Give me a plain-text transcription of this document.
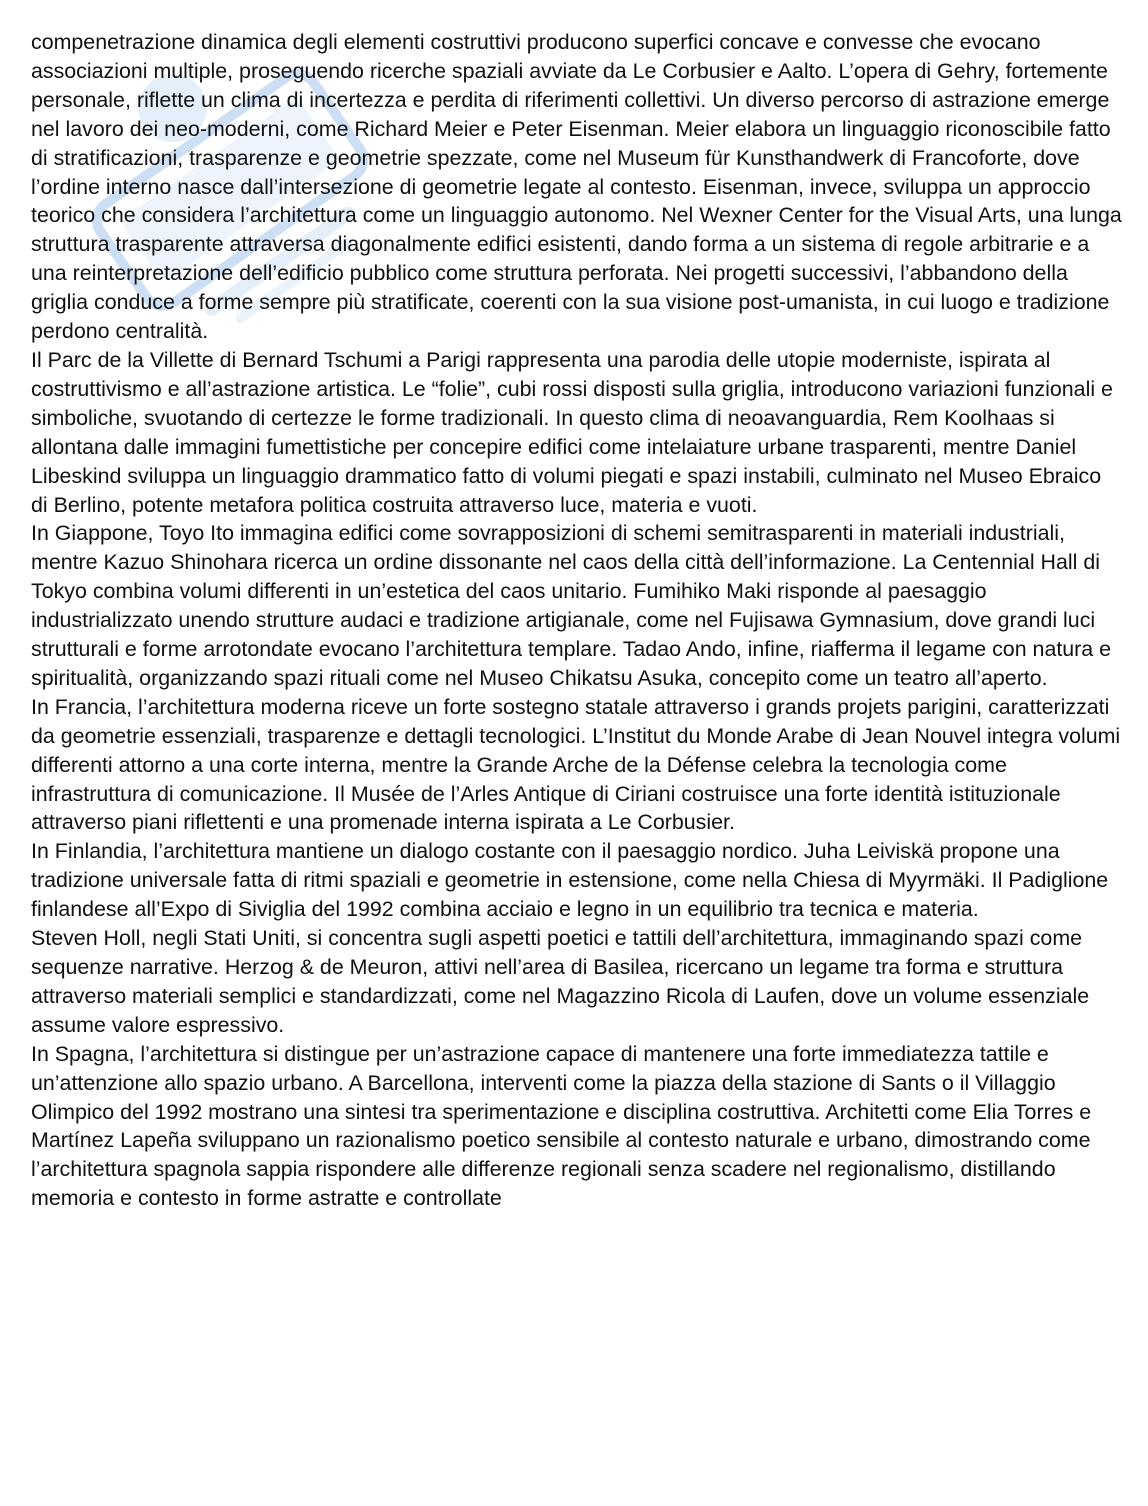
compenetrazione dinamica degli elementi costruttivi producono superfici concave e convesse che evocano associazioni multiple, proseguendo ricerche spaziali avviate da Le Corbusier e Aalto. L’opera di Gehry, fortemente personale, riflette un clima di incertezza e perdita di riferimenti collettivi. Un diverso percorso di astrazione emerge nel lavoro dei neo-moderni, come Richard Meier e Peter Eisenman. Meier elabora un linguaggio riconoscibile fatto di stratificazioni, trasparenze e geometrie spezzate, come nel Museum für Kunsthandwerk di Francoforte, dove l’ordine interno nasce dall’intersezione di geometrie legate al contesto. Eisenman, invece, sviluppa un approccio teorico che considera l’architettura come un linguaggio autonomo. Nel Wexner Center for the Visual Arts, una lunga struttura trasparente attraversa diagonalmente edifici esistenti, dando forma a un sistema di regole arbitrarie e a una reinterpretazione dell’edificio pubblico come struttura perforata. Nei progetti successivi, l’abbandono della griglia conduce a forme sempre più stratificate, coerenti con la sua visione post-umanista, in cui luogo e tradizione perdono centralità.

Il Parc de la Villette di Bernard Tschumi a Parigi rappresenta una parodia delle utopie moderniste, ispirata al costruttivismo e all’astrazione artistica. Le “folie”, cubi rossi disposti sulla griglia, introducono variazioni funzionali e simboliche, svuotando di certezze le forme tradizionali. In questo clima di neoavanguardia, Rem Koolhaas si allontana dalle immagini fumettistiche per concepire edifici come intelaiature urbane trasparenti, mentre Daniel Libeskind sviluppa un linguaggio drammatico fatto di volumi piegati e spazi instabili, culminato nel Museo Ebraico di Berlino, potente metafora politica costruita attraverso luce, materia e vuoti.

In Giappone, Toyo Ito immagina edifici come sovrapposizioni di schemi semitrasparenti in materiali industriali, mentre Kazuo Shinohara ricerca un ordine dissonante nel caos della città dell’informazione. La Centennial Hall di Tokyo combina volumi differenti in un’estetica del caos unitario. Fumihiko Maki risponde al paesaggio industrializzato unendo strutture audaci e tradizione artigianale, come nel Fujisawa Gymnasium, dove grandi luci strutturali e forme arrotondate evocano l’architettura templare. Tadao Ando, infine, riafferma il legame con natura e spiritualità, organizzando spazi rituali come nel Museo Chikatsu Asuka, concepito come un teatro all’aperto.

In Francia, l’architettura moderna riceve un forte sostegno statale attraverso i grands projets parigini, caratterizzati da geometrie essenziali, trasparenze e dettagli tecnologici. L’Institut du Monde Arabe di Jean Nouvel integra volumi differenti attorno a una corte interna, mentre la Grande Arche de la Défense celebra la tecnologia come infrastruttura di comunicazione. Il Musée de l’Arles Antique di Ciriani costruisce una forte identità istituzionale attraverso piani riflettenti e una promenade interna ispirata a Le Corbusier.

In Finlandia, l’architettura mantiene un dialogo costante con il paesaggio nordico. Juha Leiviskä propone una tradizione universale fatta di ritmi spaziali e geometrie in estensione, come nella Chiesa di Myyrmäki. Il Padiglione finlandese all’Expo di Siviglia del 1992 combina acciaio e legno in un equilibrio tra tecnica e materia.

Steven Holl, negli Stati Uniti, si concentra sugli aspetti poetici e tattili dell’architettura, immaginando spazi come sequenze narrative. Herzog & de Meuron, attivi nell’area di Basilea, ricercano un legame tra forma e struttura attraverso materiali semplici e standardizzati, come nel Magazzino Ricola di Laufen, dove un volume essenziale assume valore espressivo.

In Spagna, l’architettura si distingue per un’astrazione capace di mantenere una forte immediatezza tattile e un’attenzione allo spazio urbano. A Barcellona, interventi come la piazza della stazione di Sants o il Villaggio Olimpico del 1992 mostrano una sintesi tra sperimentazione e disciplina costruttiva. Architetti come Elia Torres e Martínez Lapeña sviluppano un razionalismo poetico sensibile al contesto naturale e urbano, dimostrando come l’architettura spagnola sappia rispondere alle differenze regionali senza scadere nel regionalismo, distillando memoria e contesto in forme astratte e controllate
